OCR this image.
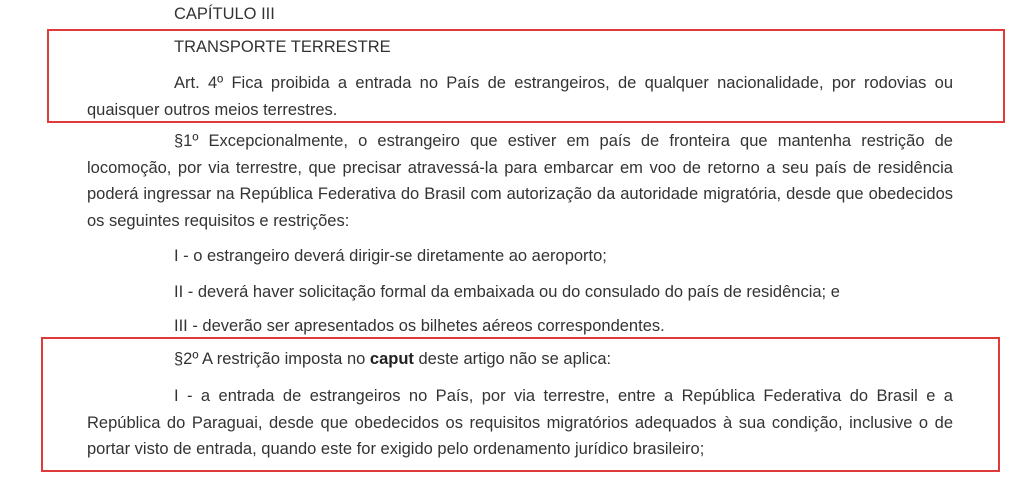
CAPÍTULO III

TRANSPORTE TERRESTRE

Art. 4º Fica proibida a entrada no País de estrangeiros, de qualquer nacionalidade, por rodovias ou quaisquer outros meios terrestres.

§1º Excepcionalmente, o estrangeiro que estiver em país de fronteira que mantenha restrição de locomoção, por via terrestre, que precisar atravessá-la para embarcar em voo de retorno a seu país de residência poderá ingressar na República Federativa do Brasil com autorização da autoridade migratória, desde que obedecidos os seguintes requisitos e restrições:

I - o estrangeiro deverá dirigir-se diretamente ao aeroporto;

II - deverá haver solicitação formal da embaixada ou do consulado do país de residência; e

III - deverão ser apresentados os bilhetes aéreos correspondentes.

§2º A restrição imposta no caput deste artigo não se aplica:

I - a entrada de estrangeiros no País, por via terrestre, entre a República Federativa do Brasil e a República do Paraguai, desde que obedecidos os requisitos migratórios adequados à sua condição, inclusive o de portar visto de entrada, quando este for exigido pelo ordenamento jurídico brasileiro;
